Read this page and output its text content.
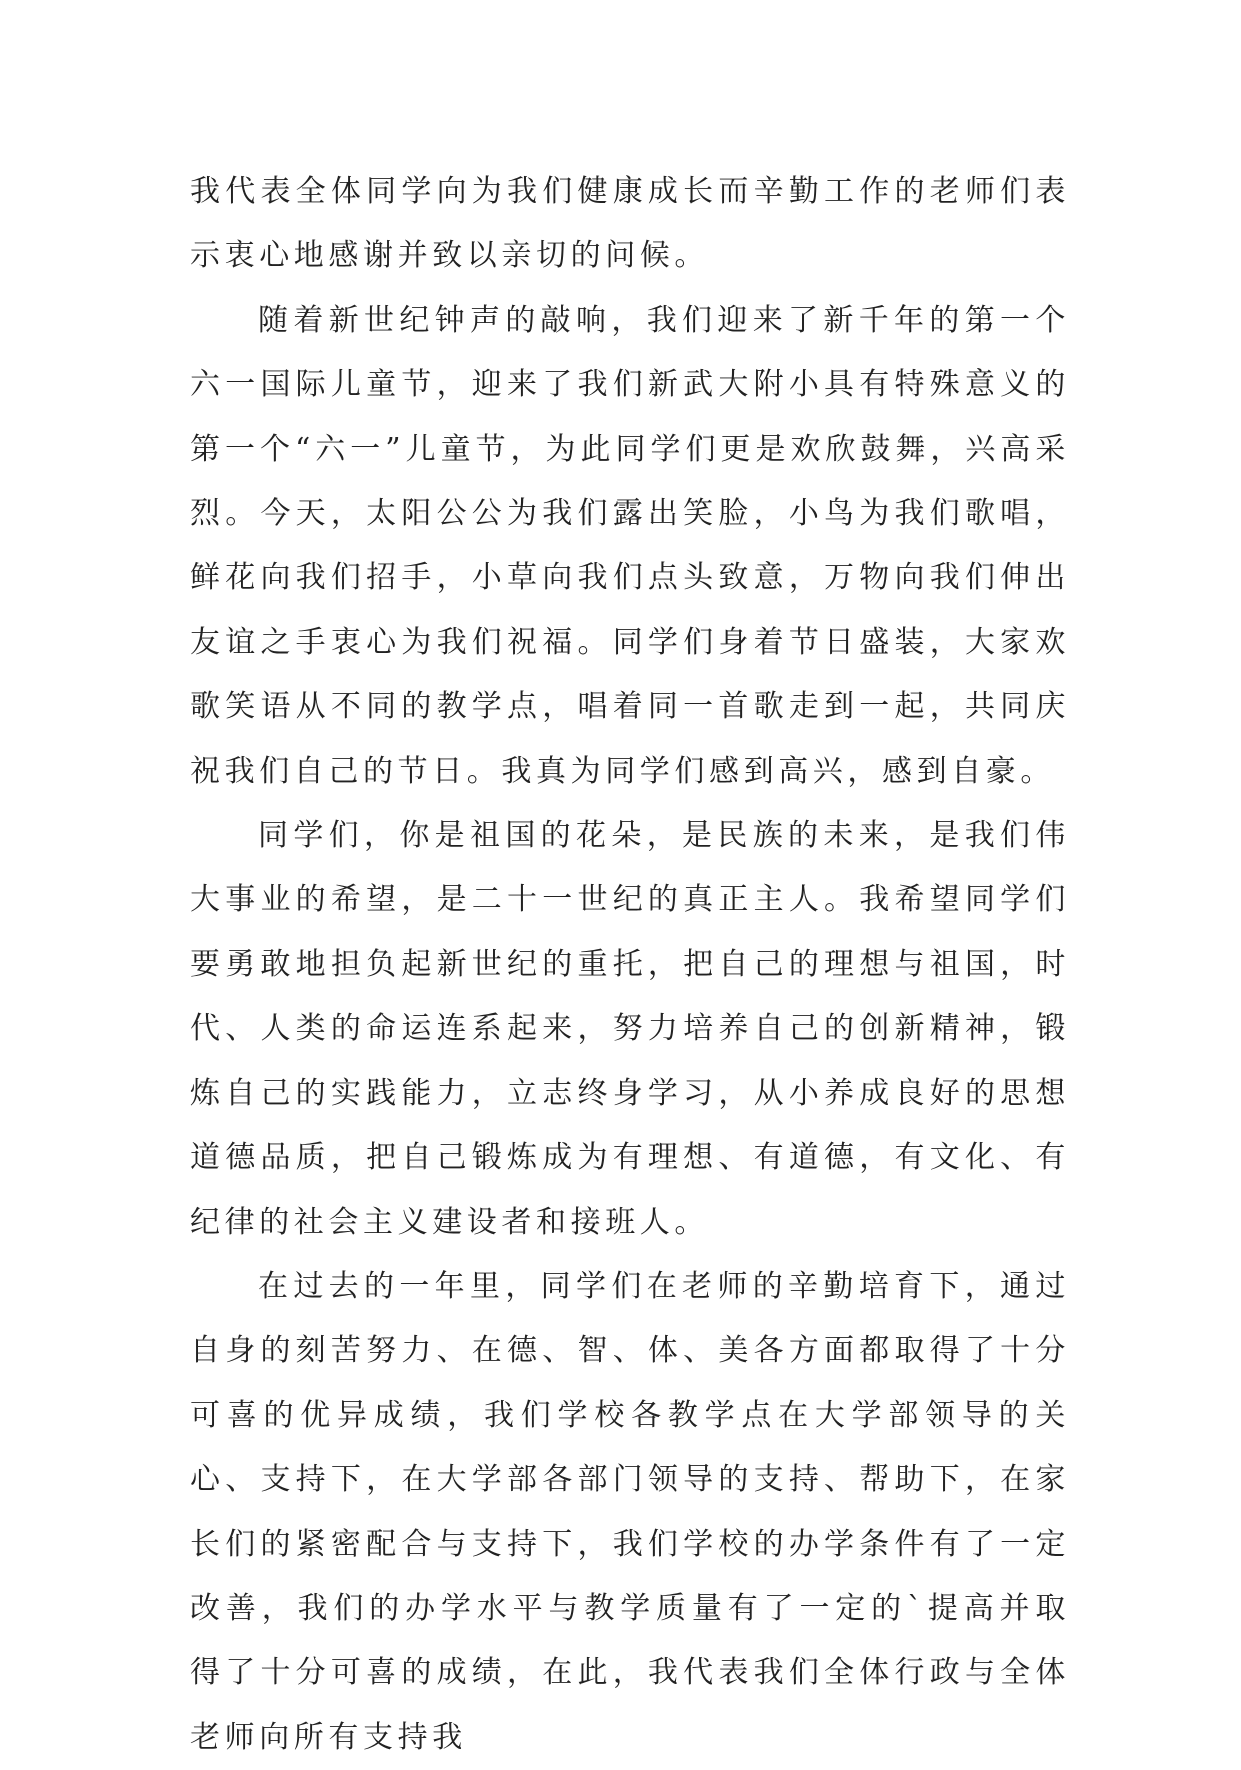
我代表全体同学向为我们健康成长而辛勤工作的老师们表示衷心地感谢并致以亲切的问候。

随着新世纪钟声的敲响，我们迎来了新千年的第一个六一国际儿童节，迎来了我们新武大附小具有特殊意义的第一个“六一”儿童节，为此同学们更是欢欣鼓舞，兴高采烈。今天，太阳公公为我们露出笑脸，小鸟为我们歌唱，鲜花向我们招手，小草向我们点头致意，万物向我们伸出友谊之手衷心为我们祝福。同学们身着节日盛装，大家欢歌笑语从不同的教学点，唱着同一首歌走到一起，共同庆祝我们自己的节日。我真为同学们感到高兴，感到自豪。

同学们，你是祖国的花朵，是民族的未来，是我们伟大事业的希望，是二十一世纪的真正主人。我希望同学们要勇敢地担负起新世纪的重托，把自己的理想与祖国，时代、人类的命运连系起来，努力培养自己的创新精神，锻炼自己的实践能力，立志终身学习，从小养成良好的思想道德品质，把自己锻炼成为有理想、有道德，有文化、有纪律的社会主义建设者和接班人。

在过去的一年里，同学们在老师的辛勤培育下，通过自身的刻苦努力、在德、智、体、美各方面都取得了十分可喜的优异成绩，我们学校各教学点在大学部领导的关心、支持下，在大学部各部门领导的支持、帮助下，在家长们的紧密配合与支持下，我们学校的办学条件有了一定改善，我们的办学水平与教学质量有了一定的`提高并取得了十分可喜的成绩，在此，我代表我们全体行政与全体老师向所有支持我
